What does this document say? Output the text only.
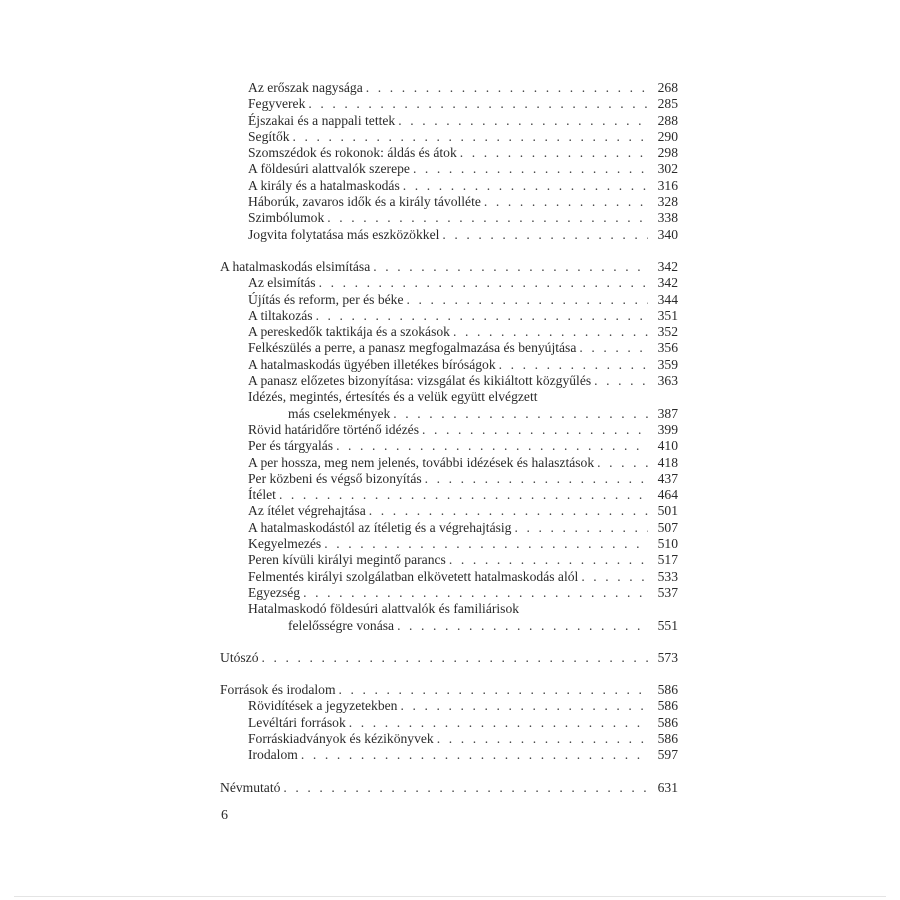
Az erőszak nagysága . . .	268
Fegyverek . . .	285
Éjszakai és a nappali tettek . . .	288
Segítők . . .	290
Szomszédok és rokonok: áldás és átok . . .	298
A földesúri alattvalók szerepe . . .	302
A király és a hatalmaskodás . . .	316
Háborúk, zavaros idők és a király távolléte . . .	328
Szimbólumok . . .	338
Jogvita folytatása más eszközökkel . . .	340
A hatalmaskodás elsimítása . . .	342
Az elsimítás . . .	342
Újítás és reform, per és béke . . .	344
A tiltakozás . . .	351
A pereskedők taktikája és a szokások . . .	352
Felkészülés a perre, a panasz megfogalmazása és benyújtása . . .	356
A hatalmaskodás ügyében illetékes bíróságok . . .	359
A panasz előzetes bizonyítása: vizsgálat és kikiáltott közgyűlés . . .	363
Idézés, megintés, értesítés és a velük együtt elvégzett
más cselekmények . . .	387
Rövid határidőre történő idézés . . .	399
Per és tárgyalás . . .	410
A per hossza, meg nem jelenés, további idézések és halasztások . . .	418
Per közbeni és végső bizonyítás . . .	437
Ítélet . . .	464
Az ítélet végrehajtása . . .	501
A hatalmaskodástól az ítéletig és a végrehajtásig . . .	507
Kegyelmezés . . .	510
Peren kívüli királyi megintő parancs . . .	517
Felmentés királyi szolgálatban elkövetett hatalmaskodás alól . . .	533
Egyezség . . .	537
Hatalmaskodó földesúri alattvalók és familiárisok
felelősségre vonása . . .	551
Utószó . . .	573
Források és irodalom . . .	586
Rövidítések a jegyzetekben . . .	586
Levéltári források . . .	586
Forráskiadványok és kézikönyvek . . .	586
Irodalom . . .	597
Névmutató . . .	631
6
